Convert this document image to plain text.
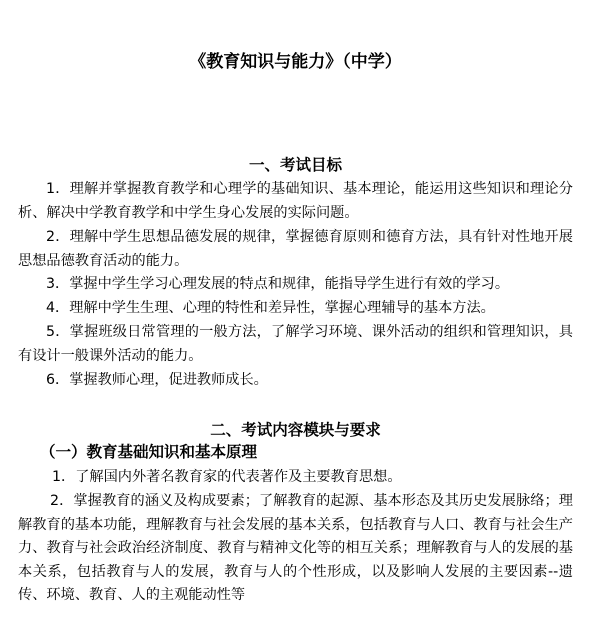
《教育知识与能力》（中学）
一、考试目标

1．理解并掌握教育教学和心理学的基础知识、基本理论，能运用这些知识和理论分析、解决中学教育教学和中学生身心发展的实际问题。

2．理解中学生思想品德发展的规律，掌握德育原则和德育方法，具有针对性地开展思想品德教育活动的能力。

3．掌握中学生学习心理发展的特点和规律，能指导学生进行有效的学习。

4．理解中学生生理、心理的特性和差异性，掌握心理辅导的基本方法。

5．掌握班级日常管理的一般方法，了解学习环境、课外活动的组织和管理知识，具有设计一般课外活动的能力。

6．掌握教师心理，促进教师成长。

二、考试内容模块与要求
（一）教育基础知识和基本原理

1．了解国内外著名教育家的代表著作及主要教育思想。

2．掌握教育的涵义及构成要素；了解教育的起源、基本形态及其历史发展脉络；理解教育的基本功能，理解教育与社会发展的基本关系，包括教育与人口、教育与社会生产力、教育与社会政治经济制度、教育与精神文化等的相互关系；理解教育与人的发展的基本关系，包括教育与人的发展，教育与人的个性形成，以及影响人发展的主要因素--遗传、环境、教育、人的主观能动性等
